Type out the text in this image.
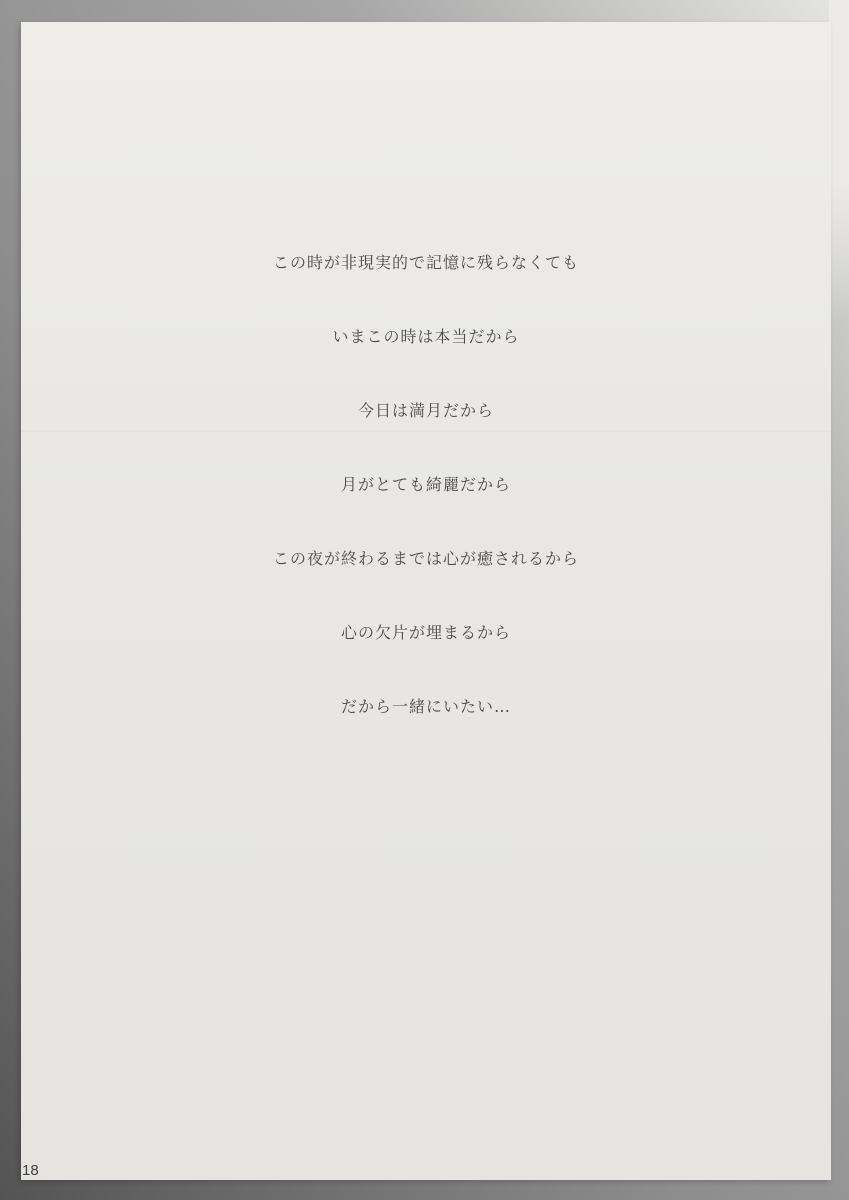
この時が非現実的で記憶に残らなくても
いまこの時は本当だから
今日は満月だから
月がとても綺麗だから
この夜が終わるまでは心が癒されるから
心の欠片が埋まるから
だから一緒にいたい…
18
